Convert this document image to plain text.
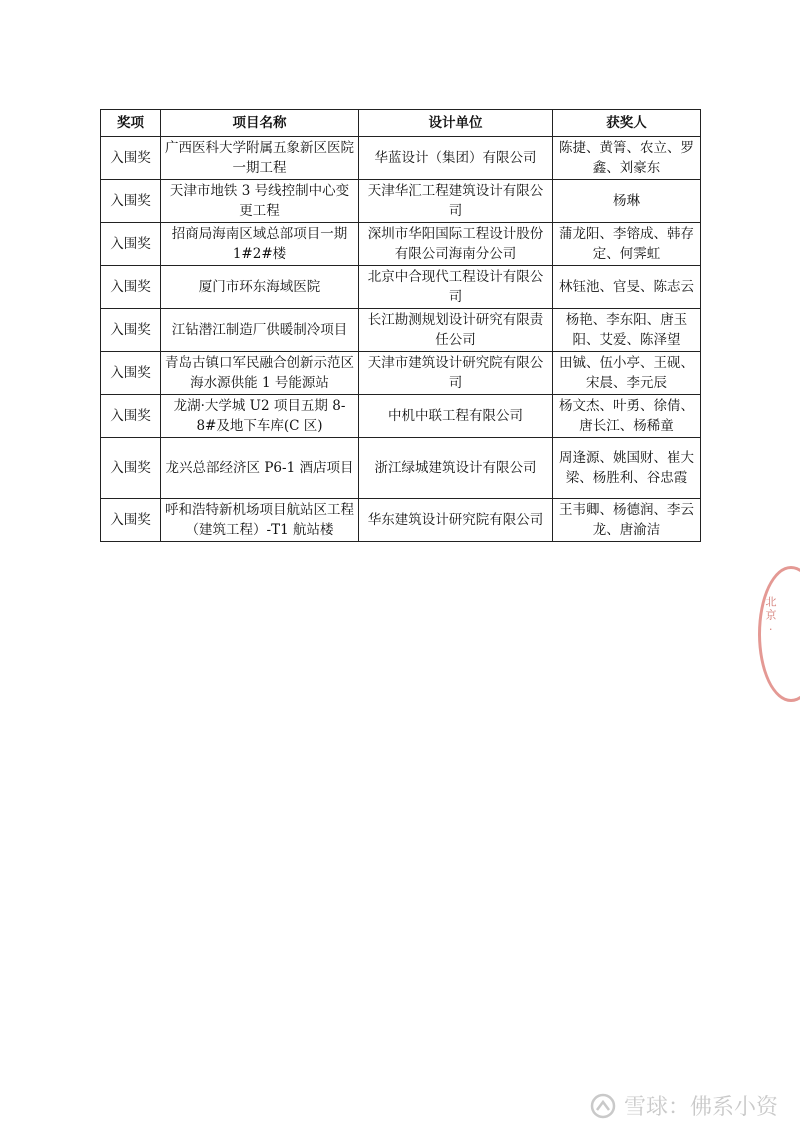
奖项	项目名称	设计单位	获奖人
入围奖	广西医科大学附属五象新区医院一期工程	华蓝设计（集团）有限公司	陈捷、黄箐、农立、罗鑫、刘豪东
入围奖	天津市地铁 3 号线控制中心变更工程	天津华汇工程建筑设计有限公司	杨琳
入围奖	招商局海南区域总部项目一期1#2#楼	深圳市华阳国际工程设计股份有限公司海南分公司	蒲龙阳、李镕成、韩存定、何霁虹
入围奖	厦门市环东海域医院	北京中合现代工程设计有限公司	林钰池、官旻、陈志云
入围奖	江钻潜江制造厂供暖制冷项目	长江勘测规划设计研究有限责任公司	杨艳、李东阳、唐玉阳、艾爱、陈泽望
入围奖	青岛古镇口军民融合创新示范区海水源供能 1 号能源站	天津市建筑设计研究院有限公司	田铖、伍小亭、王砚、宋晨、李元辰
入围奖	龙湖·大学城 U2 项目五期 8-8#及地下车库(C 区)	中机中联工程有限公司	杨文杰、叶勇、徐倩、唐长江、杨稀童
入围奖	龙兴总部经济区 P6-1 酒店项目	浙江绿城建筑设计有限公司	周逢源、姚国财、崔大梁、杨胜利、谷忠霞
入围奖	呼和浩特新机场项目航站区工程（建筑工程）-T1 航站楼	华东建筑设计研究院有限公司	王韦卿、杨德润、李云龙、唐渝洁
北京 ·
雪球：佛系小资
